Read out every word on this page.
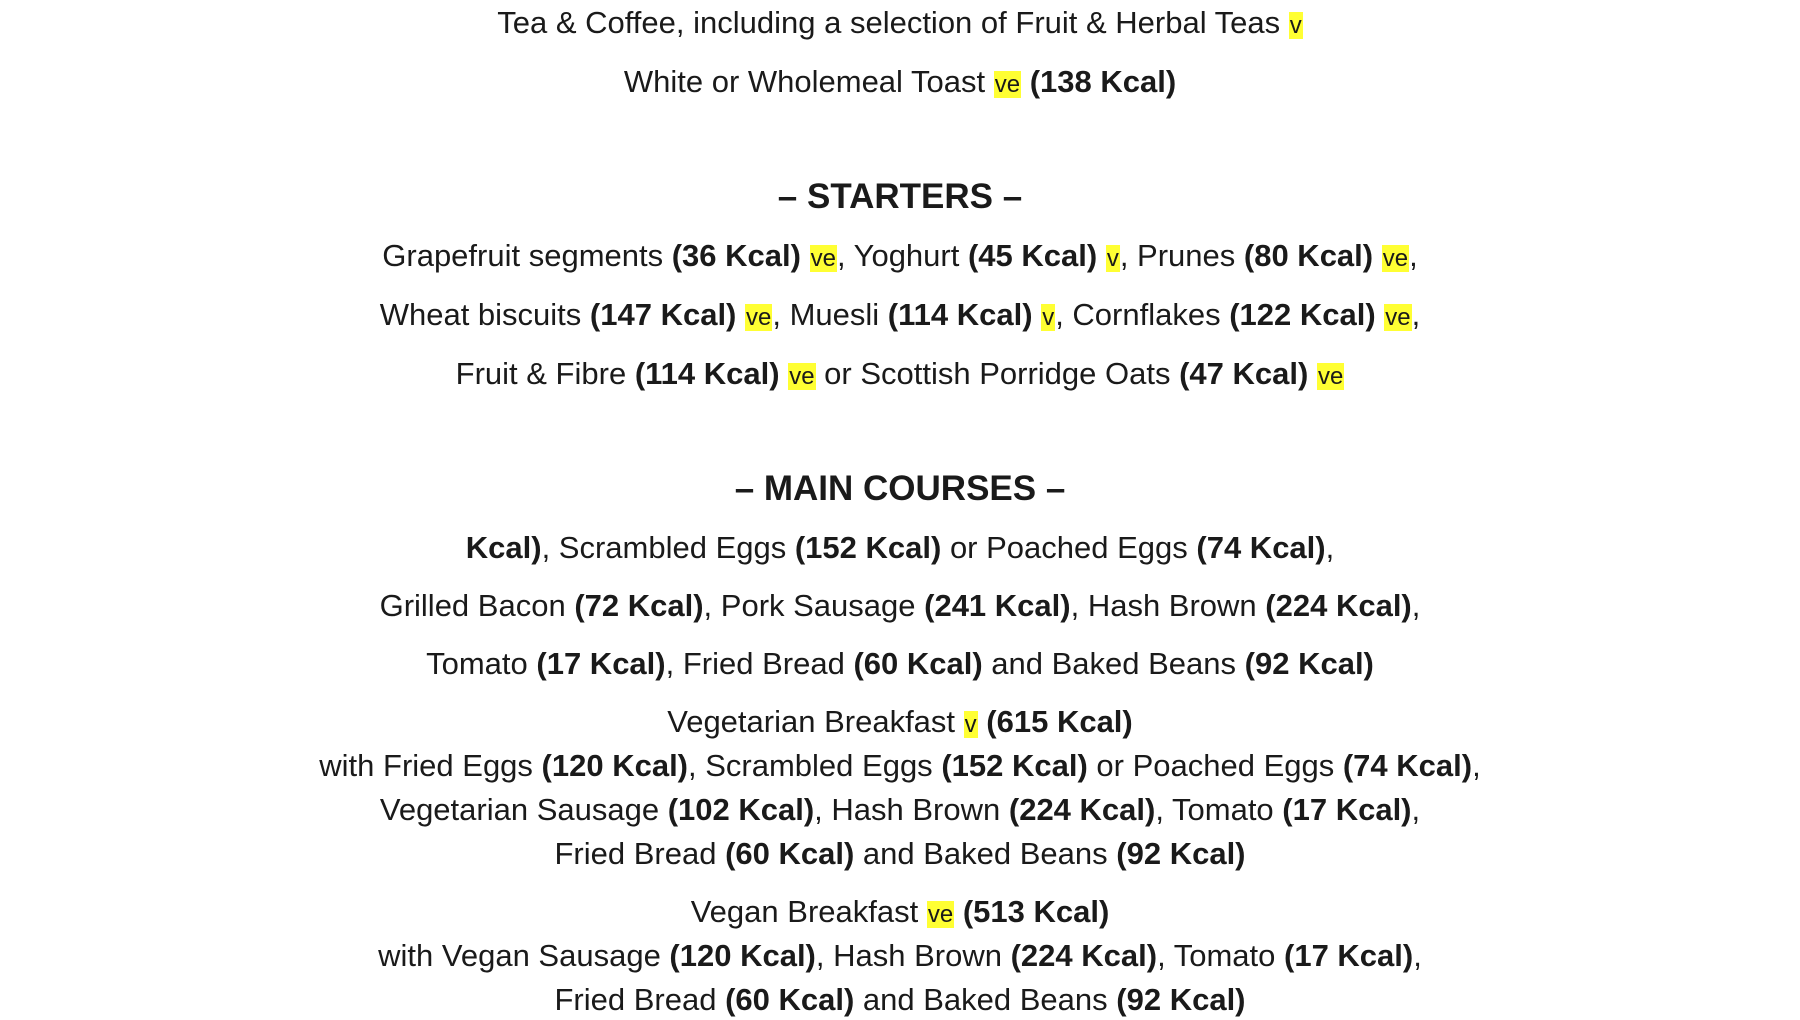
Tea & Coffee, including a selection of Fruit & Herbal Teas v
White or Wholemeal Toast ve (138 Kcal)
– STARTERS –
Grapefruit segments (36 Kcal) ve, Yoghurt (45 Kcal) v, Prunes (80 Kcal) ve,
Wheat biscuits (147 Kcal) ve, Muesli (114 Kcal) v, Cornflakes (122 Kcal) ve,
Fruit & Fibre (114 Kcal) ve or Scottish Porridge Oats (47 Kcal) ve
– MAIN COURSES –
Kcal), Scrambled Eggs (152 Kcal) or Poached Eggs (74 Kcal),
Grilled Bacon (72 Kcal), Pork Sausage (241 Kcal), Hash Brown (224 Kcal),
Tomato (17 Kcal), Fried Bread (60 Kcal) and Baked Beans (92 Kcal)
Vegetarian Breakfast v (615 Kcal)
with Fried Eggs (120 Kcal), Scrambled Eggs (152 Kcal) or Poached Eggs (74 Kcal),
Vegetarian Sausage (102 Kcal), Hash Brown (224 Kcal), Tomato (17 Kcal),
Fried Bread (60 Kcal) and Baked Beans (92 Kcal)
Vegan Breakfast ve (513 Kcal)
with Vegan Sausage (120 Kcal), Hash Brown (224 Kcal), Tomato (17 Kcal),
Fried Bread (60 Kcal) and Baked Beans (92 Kcal)
